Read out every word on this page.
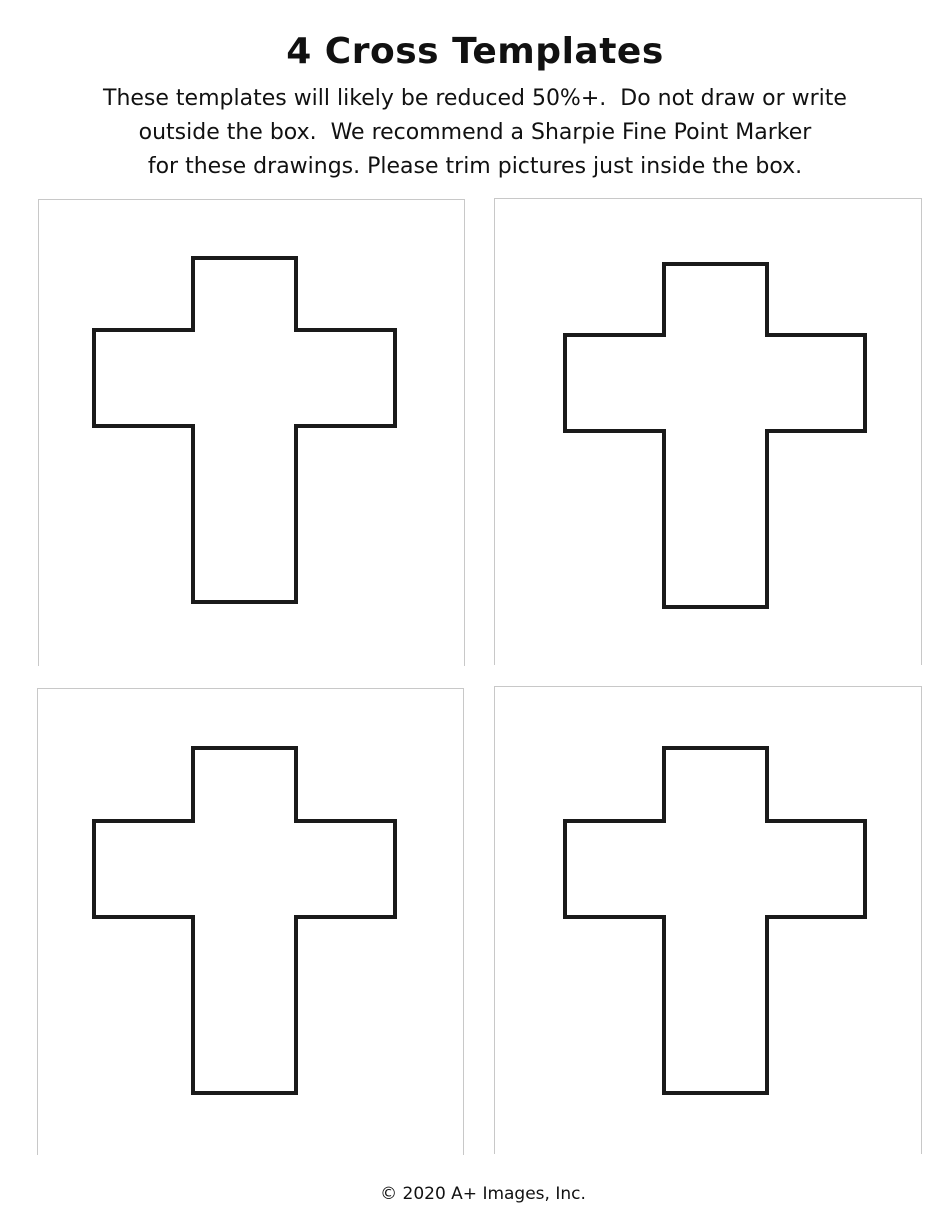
4 Cross Templates
These templates will likely be reduced 50%+.  Do not draw or write
outside the box.  We recommend a Sharpie Fine Point Marker
for these drawings. Please trim pictures just inside the box.
© 2020 A+ Images, Inc.
